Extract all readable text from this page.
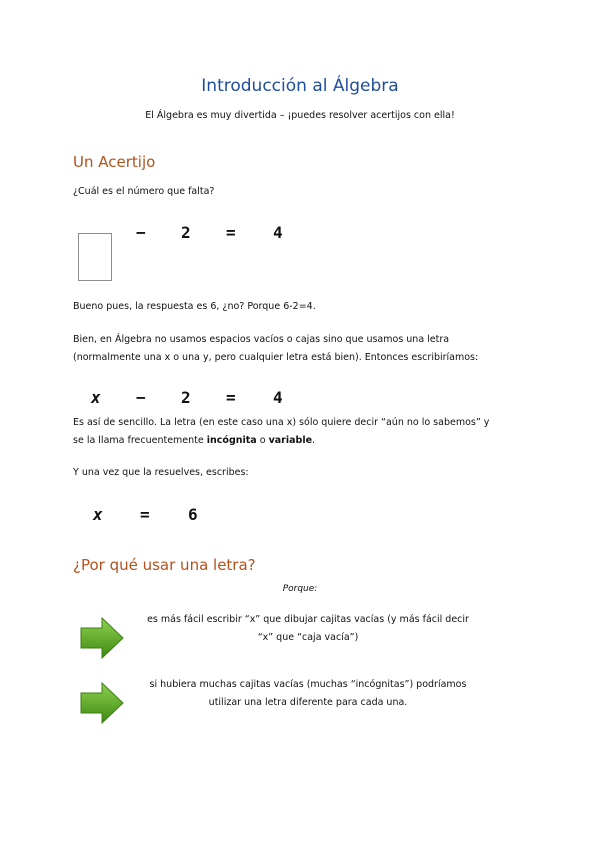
Introducción al Álgebra
El Álgebra es muy divertida – ¡puedes resolver acertijos con ella!
Un Acertijo
¿Cuál es el número que falta?
− 2 = 4
Bueno pues, la respuesta es 6, ¿no? Porque 6-2=4.
Bien, en Álgebra no usamos espacios vacíos o cajas sino que usamos una letra
(normalmente una x o una y, pero cualquier letra está bien). Entonces escribiríamos:
x − 2 = 4
Es así de sencillo. La letra (en este caso una x) sólo quiere decir “aún no lo sabemos” y
se la llama frecuentemente incógnita o variable.
Y una vez que la resuelves, escribes:
x = 6
¿Por qué usar una letra?
Porque:
es más fácil escribir “x” que dibujar cajitas vacías (y más fácil decir
“x” que “caja vacía”)
si hubiera muchas cajitas vacías (muchas “incógnitas”) podríamos
utilizar una letra diferente para cada una.
